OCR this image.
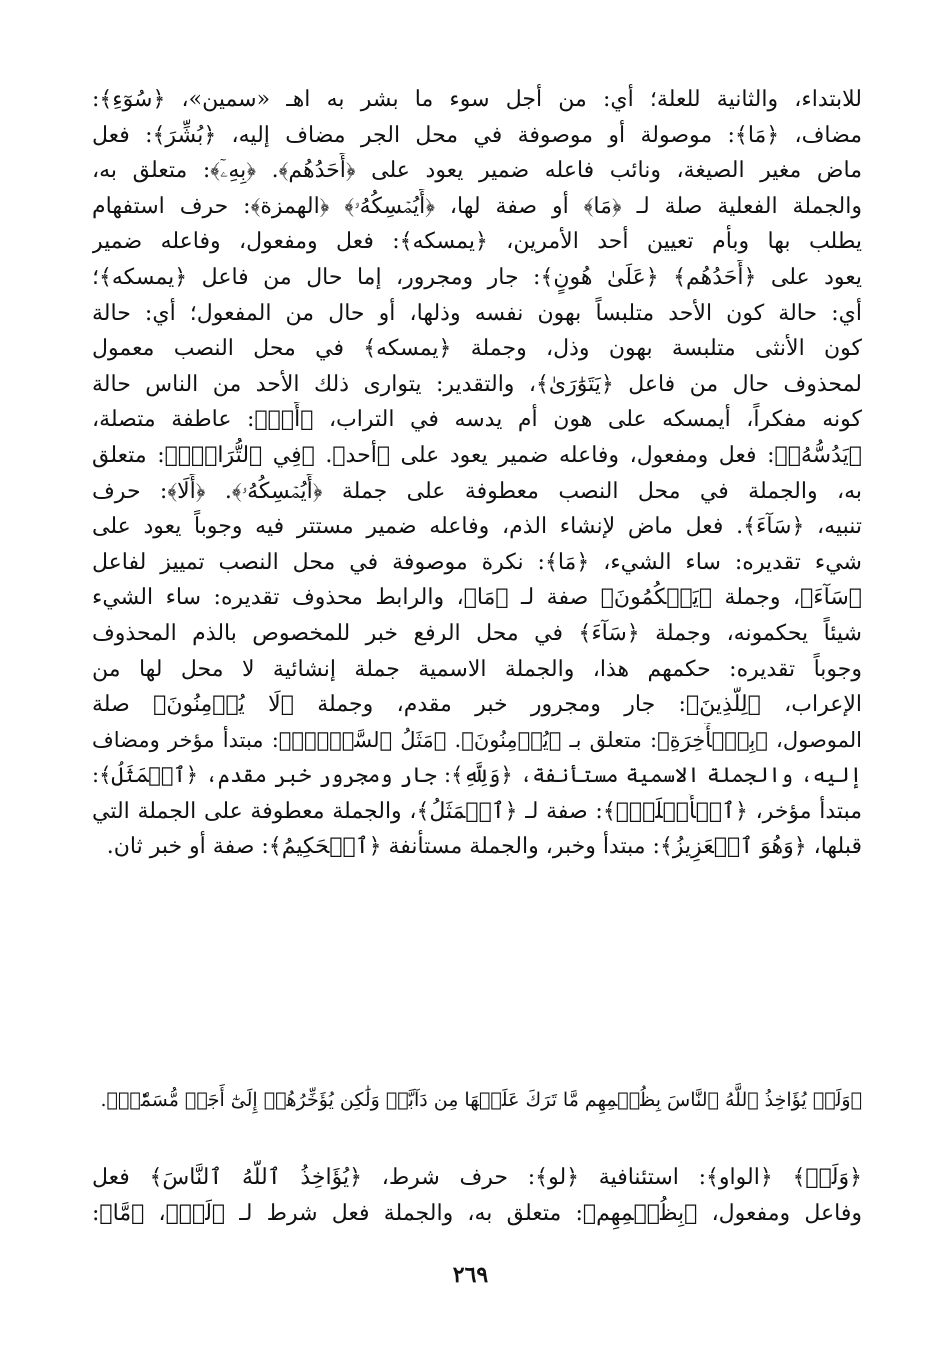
للابتداء، والثانية للعلة؛ أي: من أجل سوء ما بشر به اهـ «سمين»، ﴿سُوٓءِ﴾:
مضاف، ﴿مَا﴾: موصولة أو موصوفة في محل الجر مضاف إليه، ﴿بُشِّرَ﴾: فعل
ماض مغير الصيغة، ونائب فاعله ضمير يعود على ﴿أَحَدُهُم﴾. ﴿بِهِۦٓ﴾: متعلق به،
والجملة الفعلية صلة لـ ﴿مَا﴾ أو صفة لها، ﴿أَيُمۡسِكُهُۥ﴾ ﴿الهمزة﴾: حرف استفهام
يطلب بها وبأم تعيين أحد الأمرين، ﴿يمسكه﴾: فعل ومفعول، وفاعله ضمير
يعود على ﴿أَحَدُهُم﴾ ﴿عَلَىٰ هُونٍ﴾: جار ومجرور، إما حال من فاعل ﴿يمسكه﴾؛
أي: حالة كون الأحد متلبساً بهون نفسه وذلها، أو حال من المفعول؛ أي: حالة
كون الأنثى متلبسة بهون وذل، وجملة ﴿يمسكه﴾ في محل النصب معمول
لمحذوف حال من فاعل ﴿يَتَوَٰرَىٰ﴾، والتقدير: يتوارى ذلك الأحد من الناس حالة
كونه مفكراً، أيمسكه على هون أم يدسه في التراب، ﴿أَمۡ﴾: عاطفة متصلة،
﴿يَدُسُّهُۥ﴾: فعل ومفعول، وفاعله ضمير يعود على ﴿أحد﴾. ﴿فِي ٱلتُّرَابِۗ﴾: متعلق
به، والجملة في محل النصب معطوفة على جملة ﴿أَيُمۡسِكُهُۥ﴾. ﴿أَلَا﴾: حرف
تنبيه، ﴿سَآءَ﴾. فعل ماض لإنشاء الذم، وفاعله ضمير مستتر فيه وجوباً يعود على
شيء تقديره: ساء الشيء، ﴿مَا﴾: نكرة موصوفة في محل النصب تمييز لفاعل
﴿سَآءَ﴾، وجملة ﴿يَحۡكُمُونَ﴾ صفة لـ ﴿مَا﴾، والرابط محذوف تقديره: ساء الشيء
شيئاً يحكمونه، وجملة ﴿سَآءَ﴾ في محل الرفع خبر للمخصوص بالذم المحذوف
وجوباً تقديره: حكمهم هذا، والجملة الاسمية جملة إنشائية لا محل لها من
الإعراب، ﴿لِلَّذِينَ﴾: جار ومجرور خبر مقدم، وجملة ﴿لَا يُؤۡمِنُونَ﴾ صلة
الموصول، ﴿بِٱلۡأٓخِرَةِ﴾: متعلق بـ ﴿يُؤۡمِنُونَ﴾. ﴿مَثَلُ ٱلسَّوۡءِۖ﴾: مبتدأ مؤخر ومضاف
إليه، والجملة الاسمية مستأنفة، ﴿وَلِلَّهِ﴾: جار ومجرور خبر مقدم، ﴿ٱلۡمَثَلُ﴾:
مبتدأ مؤخر، ﴿ٱلۡأَعۡلَىٰۚ﴾: صفة لـ ﴿ٱلۡمَثَلُ﴾، والجملة معطوفة على الجملة التي
قبلها، ﴿وَهُوَ ٱلۡعَزِيزُ﴾: مبتدأ وخبر، والجملة مستأنفة ﴿ٱلۡحَكِيمُ﴾: صفة أو خبر ثان.
﴿وَلَوۡ يُؤَاخِذُ ٱللَّهُ ٱلنَّاسَ بِظُلۡمِهِم مَّا تَرَكَ عَلَيۡهَا مِن دَآبَّةٖ وَلَٰكِن يُؤَخِّرُهُمۡ إِلَىٰٓ أَجَلٖ مُّسَمّٗىۖ﴾.
﴿وَلَوۡ﴾ ﴿الواو﴾: استئنافية ﴿لو﴾: حرف شرط، ﴿يُؤَاخِذُ ٱللَّهُ ٱلنَّاسَ﴾ فعل
وفاعل ومفعول، ﴿بِظُلۡمِهِم﴾: متعلق به، والجملة فعل شرط لـ ﴿لَوۡ﴾، ﴿مَّا﴾:
٢٦٩
